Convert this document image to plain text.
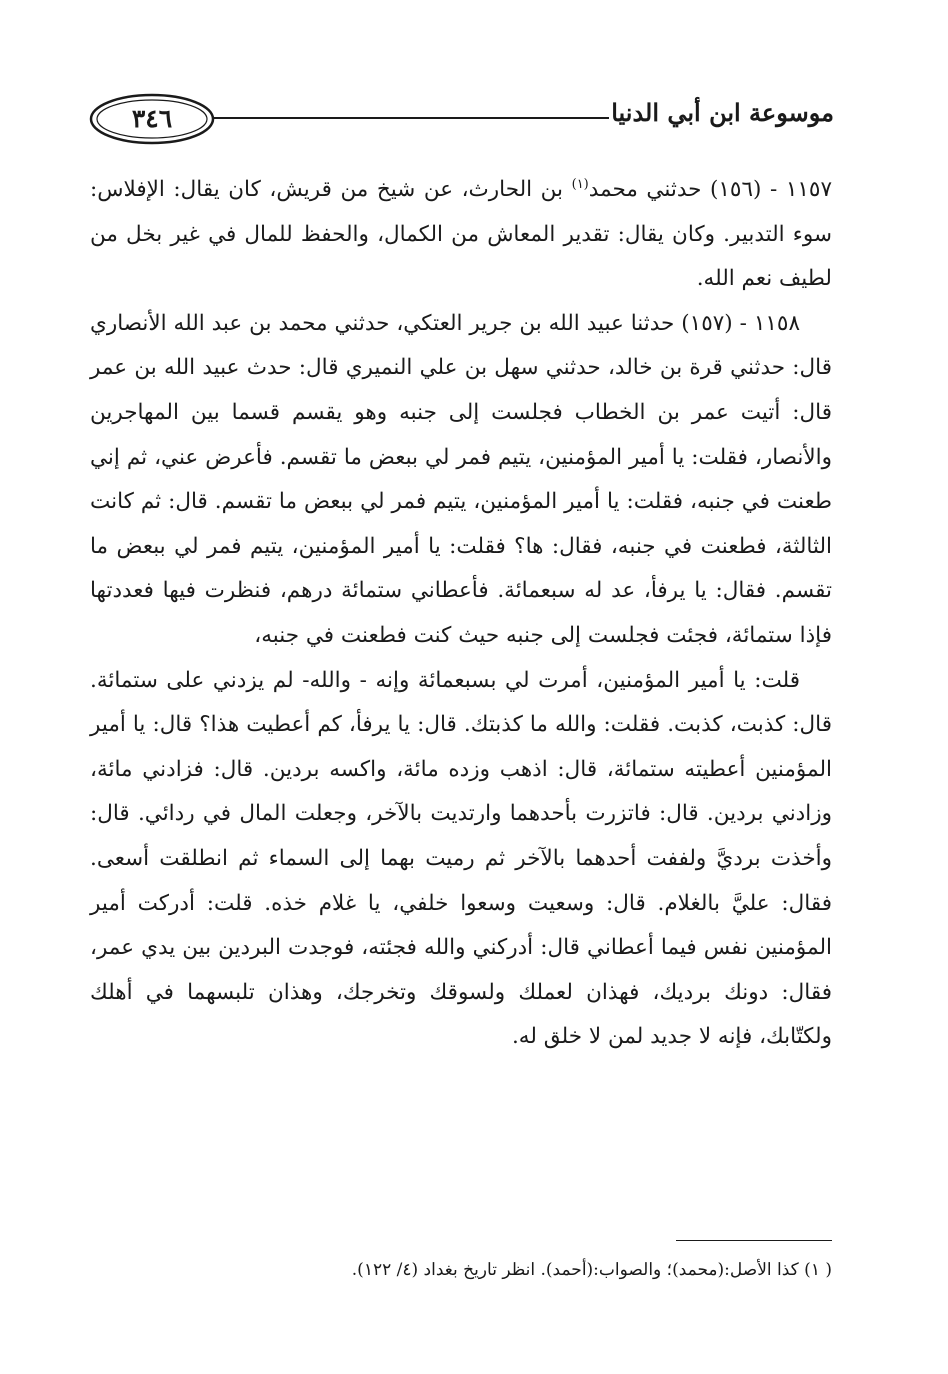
٣٤٦	موسوعة ابن أبي الدنيا

١١٥٧ - (١٥٦) حدثني محمد$^{(١)}$ بن الحارث، عن شيخ من قريش، كان يقال: الإفلاس: سوء التدبير. وكان يقال: تقدير المعاش من الكمال، والحفظ للمال في غير بخل من لطيف نعم الله.

١١٥٨ - (١٥٧) حدثنا عبيد الله بن جرير العتكي، حدثني محمد بن عبد الله الأنصاري قال: حدثني قرة بن خالد، حدثني سهل بن علي النميري قال: حدث عبيد الله بن عمر قال: أتيت عمر بن الخطاب فجلست إلى جنبه وهو يقسم قسما بين المهاجرين والأنصار، فقلت: يا أمير المؤمنين، يتيم فمر لي ببعض ما تقسم. فأعرض عني، ثم إني طعنت في جنبه، فقلت: يا أمير المؤمنين، يتيم فمر لي ببعض ما تقسم. قال: ثم كانت الثالثة، فطعنت في جنبه، فقال: ها؟ فقلت: يا أمير المؤمنين، يتيم فمر لي ببعض ما تقسم. فقال: يا يرفأ، عد له سبعمائة. فأعطاني ستمائة درهم، فنظرت فيها فعددتها فإذا ستمائة، فجئت فجلست إلى جنبه حيث كنت فطعنت في جنبه،

قلت: يا أمير المؤمنين، أمرت لي بسبعمائة وإنه - والله- لم يزدني على ستمائة. قال: كذبت، كذبت. فقلت: والله ما كذبتك. قال: يا يرفأ، كم أعطيت هذا؟ قال: يا أمير المؤمنين أعطيته ستمائة، قال: اذهب وزده مائة، واكسه بردين. قال: فزادني مائة، وزادني بردين. قال: فاتزرت بأحدهما وارتديت بالآخر، وجعلت المال في ردائي. قال: وأخذت برديَّ ولففت أحدهما بالآخر ثم رميت بهما إلى السماء ثم انطلقت أسعى. فقال: عليَّ بالغلام. قال: وسعيت وسعوا خلفي، يا غلام خذه. قلت: أدركت أمير المؤمنين نفس فيما أعطاني قال: أدركني والله فجئته، فوجدت البردين بين يدي عمر، فقال: دونك برديك، فهذان لعملك ولسوقك وتخرجك، وهذان تلبسهما في أهلك ولكتّابك، فإنه لا جديد لمن لا خلق له.

( ١) كذا الأصل:(محمد)؛ والصواب:(أحمد). انظر تاريخ بغداد (٤/ ١٢٢).
